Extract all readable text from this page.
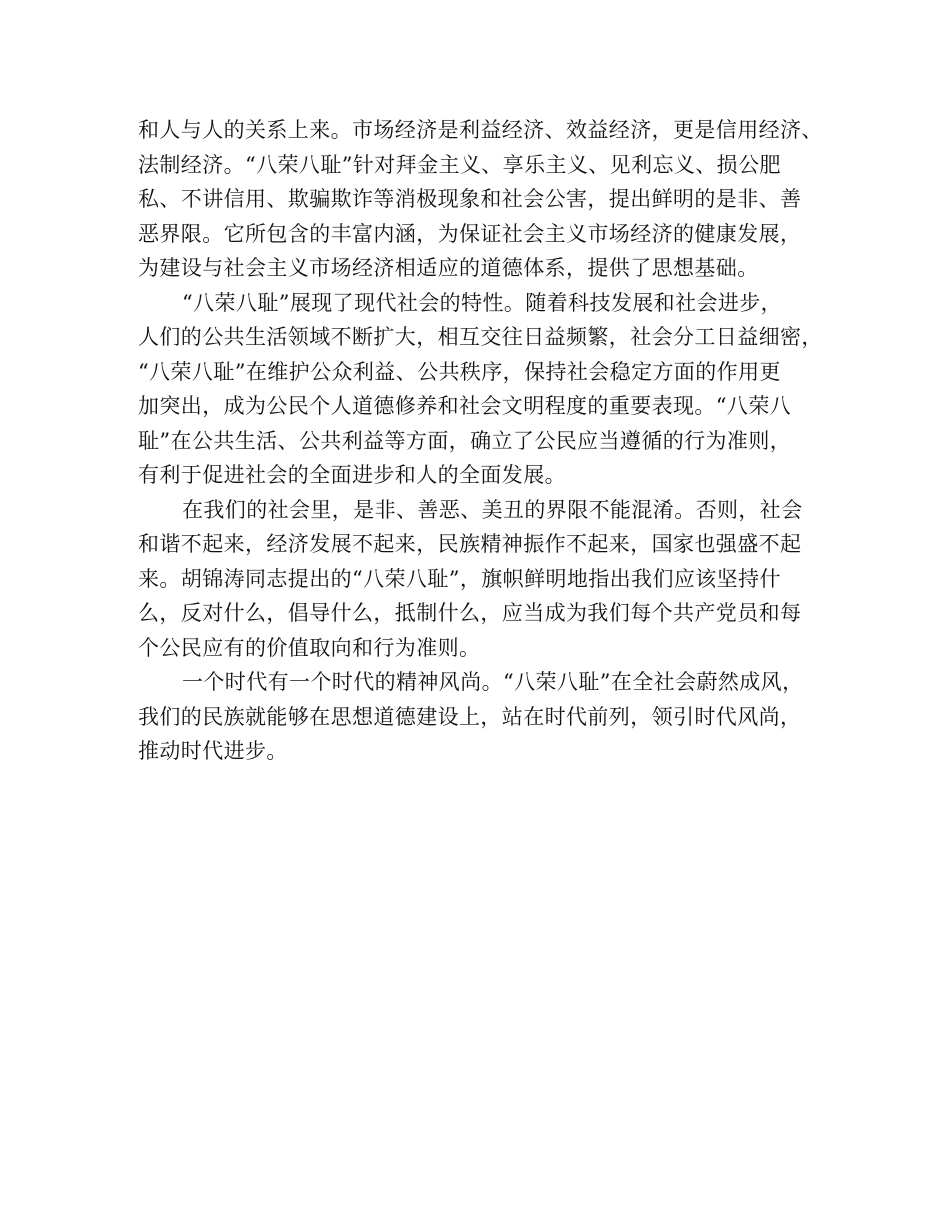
和人与人的关系上来。市场经济是利益经济、效益经济，更是信用经济、
法制经济。“八荣八耻”针对拜金主义、享乐主义、见利忘义、损公肥
私、不讲信用、欺骗欺诈等消极现象和社会公害，提出鲜明的是非、善
恶界限。它所包含的丰富内涵，为保证社会主义市场经济的健康发展，
为建设与社会主义市场经济相适应的道德体系，提供了思想基础。
“八荣八耻”展现了现代社会的特性。随着科技发展和社会进步，
人们的公共生活领域不断扩大，相互交往日益频繁，社会分工日益细密，
“八荣八耻”在维护公众利益、公共秩序，保持社会稳定方面的作用更
加突出，成为公民个人道德修养和社会文明程度的重要表现。“八荣八
耻”在公共生活、公共利益等方面，确立了公民应当遵循的行为准则，
有利于促进社会的全面进步和人的全面发展。
在我们的社会里，是非、善恶、美丑的界限不能混淆。否则，社会
和谐不起来，经济发展不起来，民族精神振作不起来，国家也强盛不起
来。胡锦涛同志提出的“八荣八耻”，旗帜鲜明地指出我们应该坚持什
么，反对什么，倡导什么，抵制什么，应当成为我们每个共产党员和每
个公民应有的价值取向和行为准则。
一个时代有一个时代的精神风尚。“八荣八耻”在全社会蔚然成风，
我们的民族就能够在思想道德建设上，站在时代前列，领引时代风尚，
推动时代进步。
